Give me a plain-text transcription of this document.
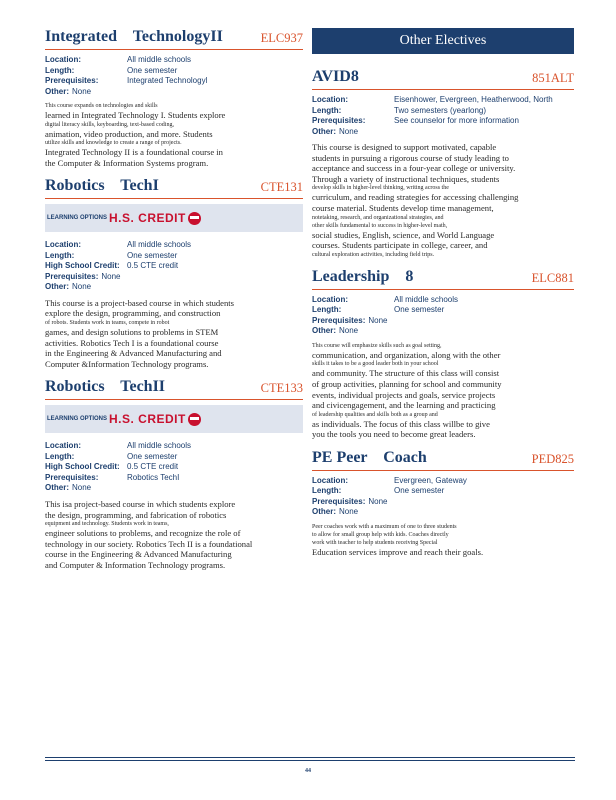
Integrated    TechnologyII	ELC937
Location:	All middle schools
Length:	One semester
Prerequisites:	Integrated Technologyl
Other: None
This course expands on technologies and skills
learned in Integrated Technology I. Students explore
digital literacy skills, keyboarding, text-based coding,
animation, video production, and more. Students
utilize skills and knowledge to create a range of projects.
Integrated Technology II is a foundational course in
the Computer & Information Systems program.
Robotics    TechI	CTE131
LEARNING OPTIONS H.S. CREDIT
Location:	All middle schools
Length:	One semester
High School Credit: 0.5 CTE credit
Prerequisites: None
Other: None
This course is a project-based course in which students
explore the design, programming, and construction
of robots. Students work in teams, compete in robot
games, and design solutions to problems in STEM
activities. Robotics Tech I is a foundational course
in the Engineering & Advanced Manufacturing and
Computer &Information Technology programs.
Robotics    TechII	CTE133
LEARNING OPTIONS H.S. CREDIT
Location:	All middle schools
Length:	One semester
High School Credit: 0.5 CTE credit
Prerequisites:	Robotics TechI
Other: None
This isa project-based course in which students explore
the design, programming, and fabrication of robotics
equipment and technology. Students work in teams,
engineer solutions to problems, and recognize the role of
technology in our society. Robotics Tech II is a foundational
course in the Engineering & Advanced Manufacturing
and Computer & Information Technology programs.
Other Electives
AVID8	851ALT
Location:	Eisenhower, Evergreen, Heatherwood, North
Length:	Two semesters (yearlong)
Prerequisites:	See counselor for more information
Other: None
This course is designed to support motivated, capable
students in pursuing a rigorous course of study leading to
acceptance and success in a four-year college or university.
Through a variety of instructional techniques, students
develop skills in higher-level thinking, writing across the
curriculum, and reading strategies for accessing challenging
course material. Students develop time management,
notetaking, research, and organizational strategies, and
other skills fundamental to success in higher-level math,
social studies, English, science, and World Language
courses. Students participate in college, career, and
cultural exploration activities, including field trips.
Leadership    8	ELC881
Location:	All middle schools
Length:	One semester
Prerequisites: None
Other: None
This course will emphasize skills such as goal setting,
communication, and organization, along with the other
skills it takes to be a good leader both in your school
and community. The structure of this class will consist
of group activities, planning for school and community
events, individual projects and goals, service projects
and civicengagement, and the learning and practicing
of leadership qualities and skills both as a group and
as individuals. The focus of this class willbe to give
you the tools you need to become great leaders.
PE Peer    Coach	PED825
Location:	Evergreen, Gateway
Length:	One semester
Prerequisites: None
Other: None
Peer coaches work with a maximum of one to three students
to allow for small group help with kids. Coaches directly
work with teacher to help students receiving Special
Education services improve and reach their goals.
44
